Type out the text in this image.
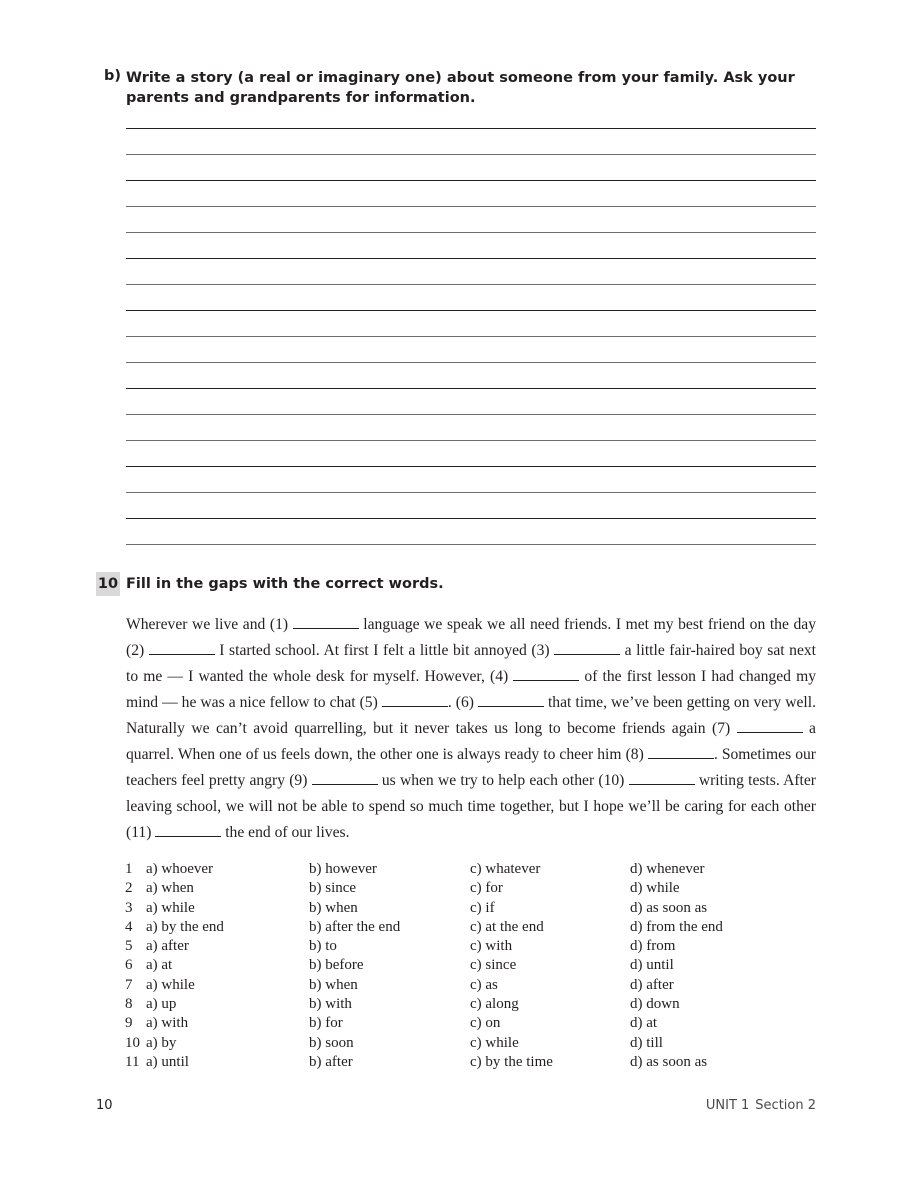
b) Write a story (a real or imaginary one) about someone from your family. Ask your parents and grandparents for information.
10 Fill in the gaps with the correct words.

Wherever we live and (1)	language we speak we all need friends. I met my best friend on the day (2)	I started school. At first I felt a little bit annoyed (3)	a little fair-haired boy sat next to me — I wanted the whole desk for myself. However, (4)	of the first lesson I had changed my mind — he was a nice fellow to chat (5)	. (6)	that time, we’ve been getting on very well. Naturally we can’t avoid quarrelling, but it never takes us long to become friends again (7)	a quarrel. When one of us feels down, the other one is always ready to cheer him (8)	. Sometimes our teachers feel pretty angry (9)	us when we try to help each other (10)	writing tests. After leaving school, we will not be able to spend so much time together, but I hope we’ll be caring for each other (11)	the end of our lives.

1 a) whoever	b) however	c) whatever	d) whenever
2 a) when	b) since	c) for	d) while
3 a) while	b) when	c) if	d) as soon as
4 a) by the end	b) after the end	c) at the end	d) from the end
5 a) after	b) to	c) with	d) from
6 a) at	b) before	c) since	d) until
7 a) while	b) when	c) as	d) after
8 a) up	b) with	c) along	d) down
9 a) with	b) for	c) on	d) at
10 a) by	b) soon	c) while	d) till
11 a) until	b) after	c) by the time	d) as soon as
10	UNIT 1 Section 2
